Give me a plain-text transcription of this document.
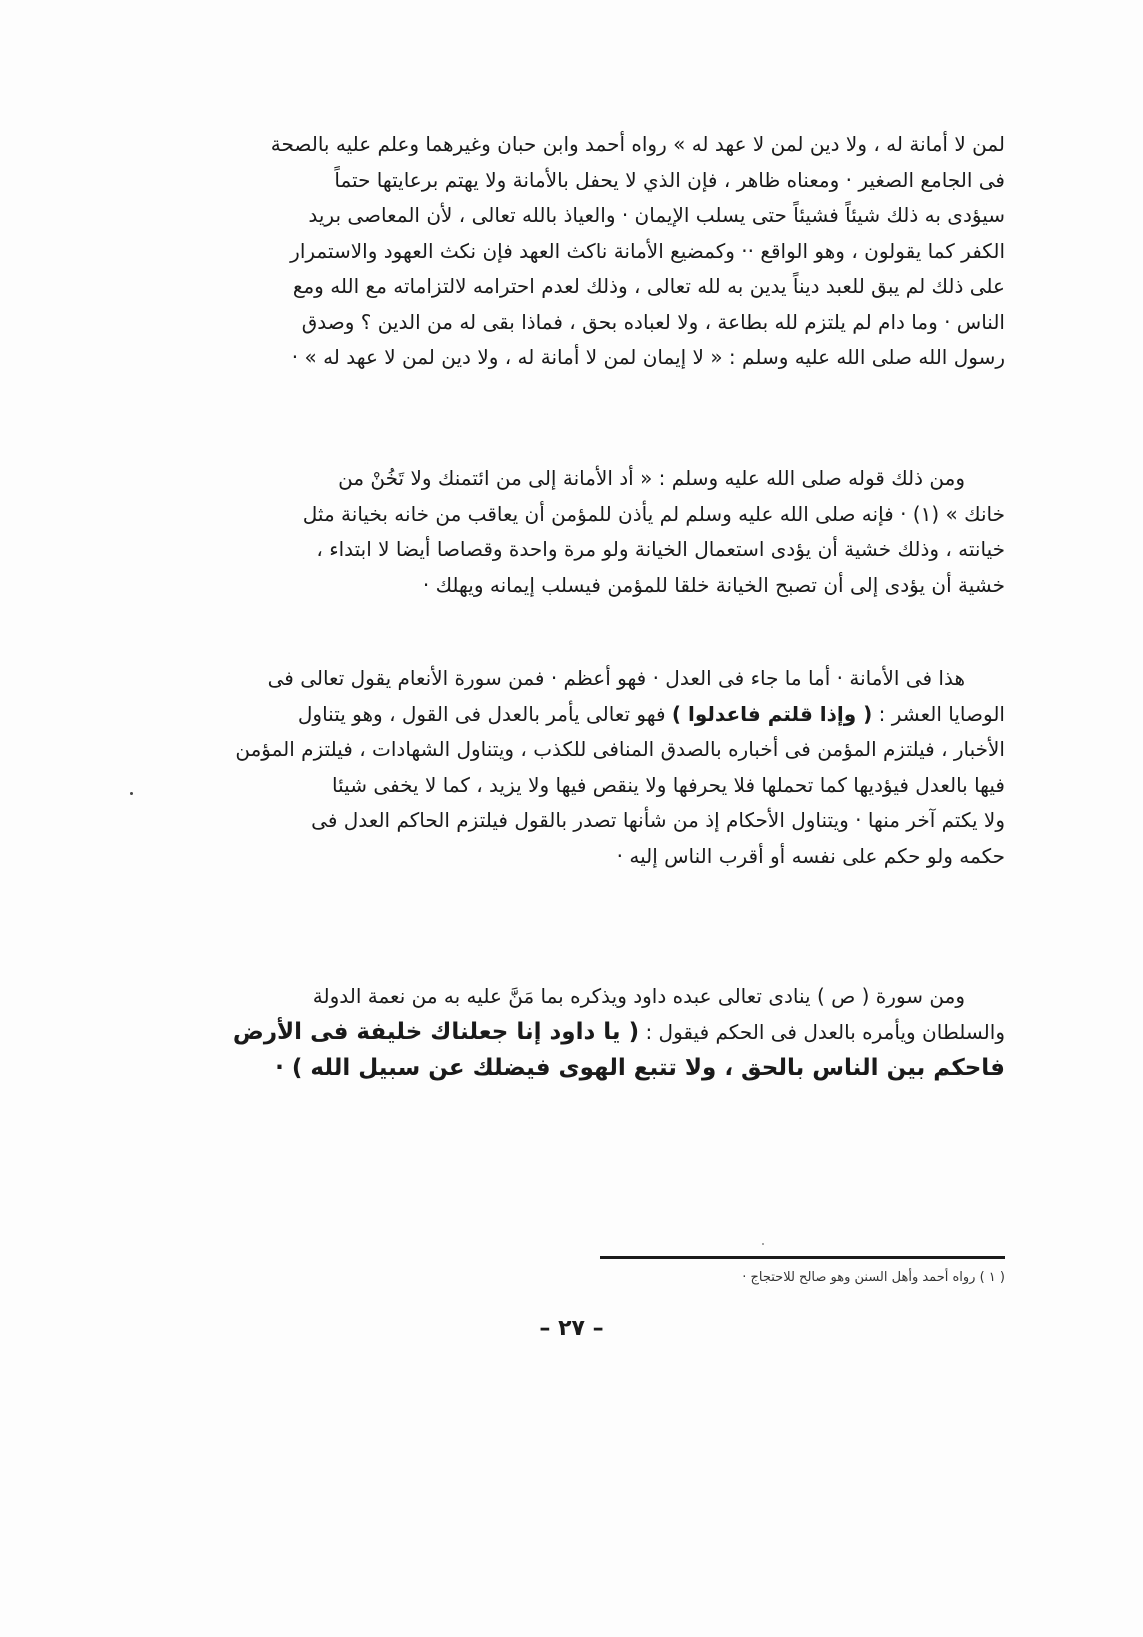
لمن لا أمانة له ، ولا دين لمن لا عهد له » رواه أحمد وابن حبان وغيرهما وعلم عليه بالصحة
فى الجامع الصغير · ومعناه ظاهر ، فإن الذي لا يحفل بالأمانة ولا يهتم برعايتها حتماً
سيؤدى به ذلك شيئاً فشيئاً حتى يسلب الإيمان · والعياذ بالله تعالى ، لأن المعاصى بريد
الكفر كما يقولون ، وهو الواقع ·· وكمضيع الأمانة ناكث العهد فإن نكث العهود والاستمرار
على ذلك لم يبق للعبد ديناً يدين به لله تعالى ، وذلك لعدم احترامه لالتزاماته مع الله ومع
الناس · وما دام لم يلتزم لله بطاعة ، ولا لعباده بحق ، فماذا بقى له من الدين ؟ وصدق
رسول الله صلى الله عليه وسلم : « لا إيمان لمن لا أمانة له ، ولا دين لمن لا عهد له » ·
ومن ذلك قوله صلى الله عليه وسلم : « أد الأمانة إلى من ائتمنك ولا تَخُنْ من
خانك » (١) · فإنه صلى الله عليه وسلم لم يأذن للمؤمن أن يعاقب من خانه بخيانة مثل
خيانته ، وذلك خشية أن يؤدى استعمال الخيانة ولو مرة واحدة وقصاصا أيضا لا ابتداء ،
خشية أن يؤدى إلى أن تصبح الخيانة خلقا للمؤمن فيسلب إيمانه ويهلك ·
هذا فى الأمانة · أما ما جاء فى العدل · فهو أعظم · فمن سورة الأنعام يقول تعالى فى
الوصايا العشر : ( وإذا قلتم فاعدلوا ) فهو تعالى يأمر بالعدل فى القول ، وهو يتناول
الأخبار ، فيلتزم المؤمن فى أخباره بالصدق المنافى للكذب ، ويتناول الشهادات ، فيلتزم المؤمن
فيها بالعدل فيؤديها كما تحملها فلا يحرفها ولا ينقص فيها ولا يزيد ، كما لا يخفى شيئا
ولا يكتم آخر منها · ويتناول الأحكام إذ من شأنها تصدر بالقول فيلتزم الحاكم العدل فى
حكمه ولو حكم على نفسه أو أقرب الناس إليه ·
ومن سورة ( ص ) ينادى تعالى عبده داود ويذكره بما مَنَّ عليه به من نعمة الدولة
والسلطان ويأمره بالعدل فى الحكم فيقول : ( يا داود إنا جعلناك خليفة فى الأرض
فاحكم بين الناس بالحق ، ولا تتبع الهوى فيضلك عن سبيل الله ) ·
( ١ ) رواه أحمد وأهل السنن وهو صالح للاحتجاج ·
– ٢٧ –
